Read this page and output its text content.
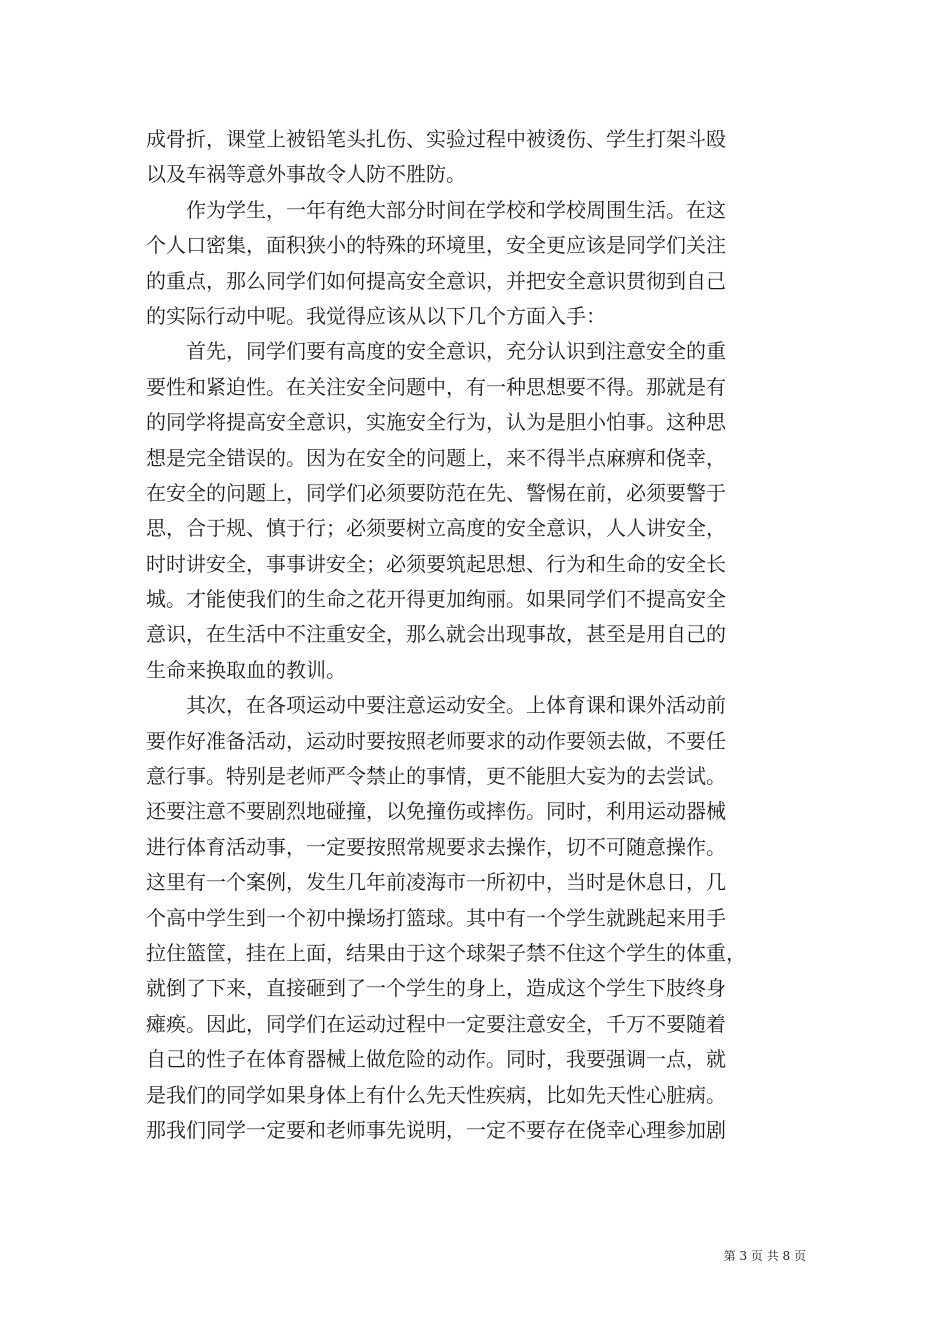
成骨折，课堂上被铅笔头扎伤、实验过程中被烫伤、学生打架斗殴
以及车祸等意外事故令人防不胜防。
　　作为学生，一年有绝大部分时间在学校和学校周围生活。在这
个人口密集，面积狭小的特殊的环境里，安全更应该是同学们关注
的重点，那么同学们如何提高安全意识，并把安全意识贯彻到自己
的实际行动中呢。我觉得应该从以下几个方面入手：
　　首先，同学们要有高度的安全意识，充分认识到注意安全的重
要性和紧迫性。在关注安全问题中，有一种思想要不得。那就是有
的同学将提高安全意识，实施安全行为，认为是胆小怕事。这种思
想是完全错误的。因为在安全的问题上，来不得半点麻痹和侥幸，
在安全的问题上，同学们必须要防范在先、警惕在前，必须要警于
思，合于规、慎于行；必须要树立高度的安全意识，人人讲安全，
时时讲安全，事事讲安全；必须要筑起思想、行为和生命的安全长
城。才能使我们的生命之花开得更加绚丽。如果同学们不提高安全
意识，在生活中不注重安全，那么就会出现事故，甚至是用自己的
生命来换取血的教训。
　　其次，在各项运动中要注意运动安全。上体育课和课外活动前
要作好准备活动，运动时要按照老师要求的动作要领去做，不要任
意行事。特别是老师严令禁止的事情，更不能胆大妄为的去尝试。
还要注意不要剧烈地碰撞，以免撞伤或摔伤。同时，利用运动器械
进行体育活动事，一定要按照常规要求去操作，切不可随意操作。
这里有一个案例，发生几年前凌海市一所初中，当时是休息日，几
个高中学生到一个初中操场打篮球。其中有一个学生就跳起来用手
拉住篮筐，挂在上面，结果由于这个球架子禁不住这个学生的体重，
就倒了下来，直接砸到了一个学生的身上，造成这个学生下肢终身
瘫痪。因此，同学们在运动过程中一定要注意安全，千万不要随着
自己的性子在体育器械上做危险的动作。同时，我要强调一点，就
是我们的同学如果身体上有什么先天性疾病，比如先天性心脏病。
那我们同学一定要和老师事先说明，一定不要存在侥幸心理参加剧
第 3 页 共 8 页
